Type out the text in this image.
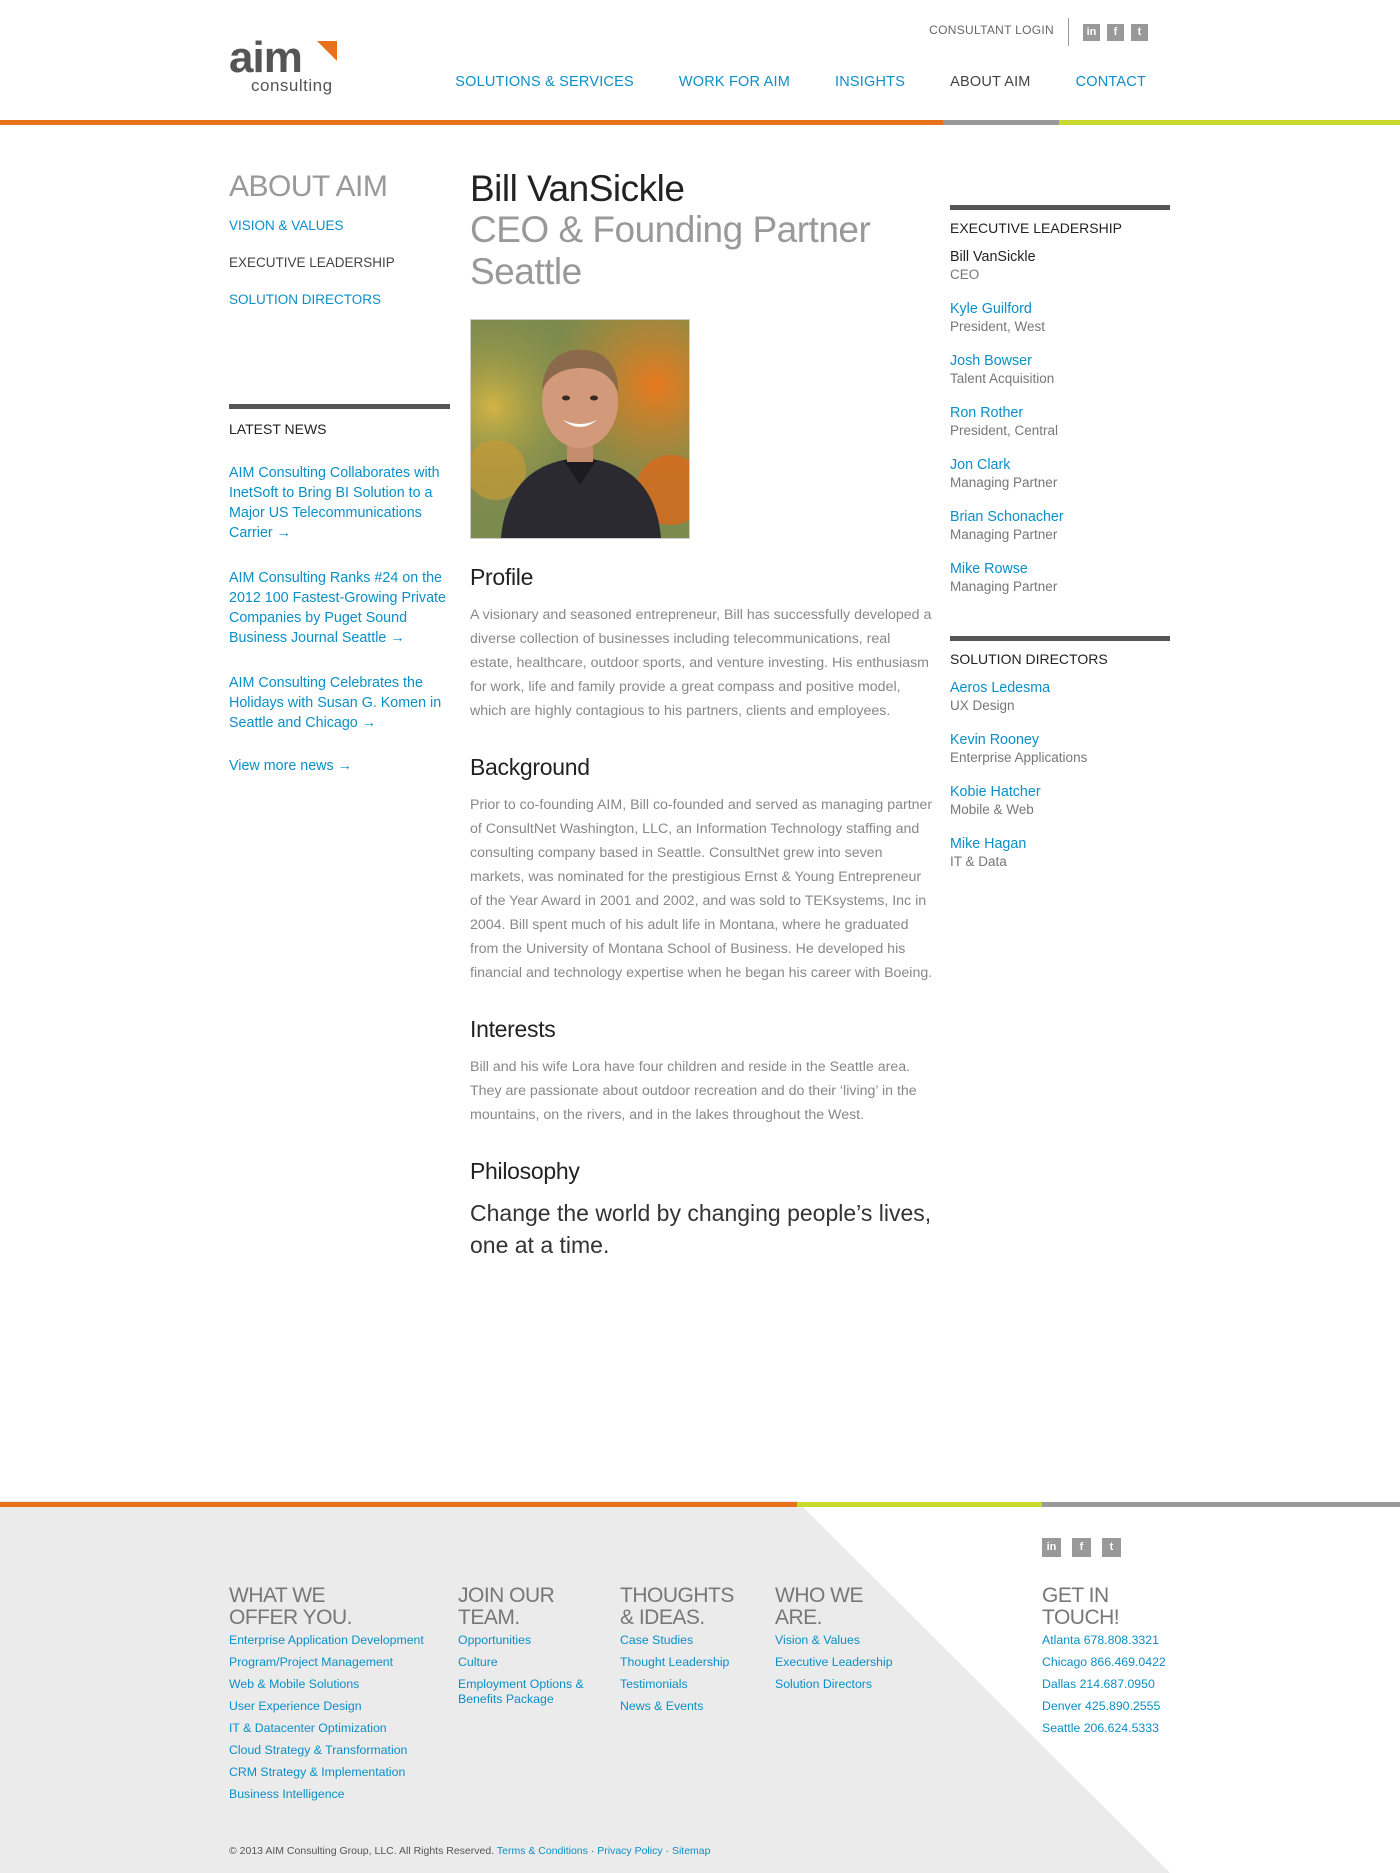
aim
consulting
CONSULTANT LOGIN	in	f	t
SOLUTIONS & SERVICES	WORK FOR AIM	INSIGHTS	ABOUT AIM	CONTACT
ABOUT AIM
VISION & VALUES
EXECUTIVE LEADERSHIP
SOLUTION DIRECTORS
LATEST NEWS
AIM Consulting Collaborates with InetSoft to Bring BI Solution to a Major US Telecommunications Carrier →
AIM Consulting Ranks #24 on the 2012 100 Fastest-Growing Private Companies by Puget Sound Business Journal Seattle →
AIM Consulting Celebrates the Holidays with Susan G. Komen in Seattle and Chicago →
View more news →
Bill VanSickle
CEO & Founding Partner
Seattle
Profile

A visionary and seasoned entrepreneur, Bill has successfully developed a diverse collection of businesses including telecommunications, real estate, healthcare, outdoor sports, and venture investing. His enthusiasm for work, life and family provide a great compass and positive model, which are highly contagious to his partners, clients and employees.

Background

Prior to co-founding AIM, Bill co-founded and served as managing partner of ConsultNet Washington, LLC, an Information Technology staffing and consulting company based in Seattle. ConsultNet grew into seven markets, was nominated for the prestigious Ernst & Young Entrepreneur of the Year Award in 2001 and 2002, and was sold to TEKsystems, Inc in 2004. Bill spent much of his adult life in Montana, where he graduated from the University of Montana School of Business. He developed his financial and technology expertise when he began his career with Boeing.

Interests

Bill and his wife Lora have four children and reside in the Seattle area. They are passionate about outdoor recreation and do their ‘living’ in the mountains, on the rivers, and in the lakes throughout the West.

Philosophy
Change the world by changing people’s lives, one at a time.
EXECUTIVE LEADERSHIP
Bill VanSickle
CEO
Kyle Guilford
President, West
Josh Bowser
Talent Acquisition
Ron Rother
President, Central
Jon Clark
Managing Partner
Brian Schonacher
Managing Partner
Mike Rowse
Managing Partner
SOLUTION DIRECTORS
Aeros Ledesma
UX Design
Kevin Rooney
Enterprise Applications
Kobie Hatcher
Mobile & Web
Mike Hagan
IT & Data
in	f	t
WHAT WE
OFFER YOU.
Enterprise Application Development
Program/Project Management
Web & Mobile Solutions
User Experience Design
IT & Datacenter Optimization
Cloud Strategy & Transformation
CRM Strategy & Implementation
Business Intelligence
JOIN OUR
TEAM.
Opportunities
Culture
Employment Options & Benefits Package
THOUGHTS
& IDEAS.
Case Studies
Thought Leadership
Testimonials
News & Events
WHO WE
ARE.
Vision & Values
Executive Leadership
Solution Directors
GET IN
TOUCH!
Atlanta 678.808.3321
Chicago 866.469.0422
Dallas 214.687.0950
Denver 425.890.2555
Seattle 206.624.5333
© 2013 AIM Consulting Group, LLC. All Rights Reserved. Terms & Conditions · Privacy Policy · Sitemap
